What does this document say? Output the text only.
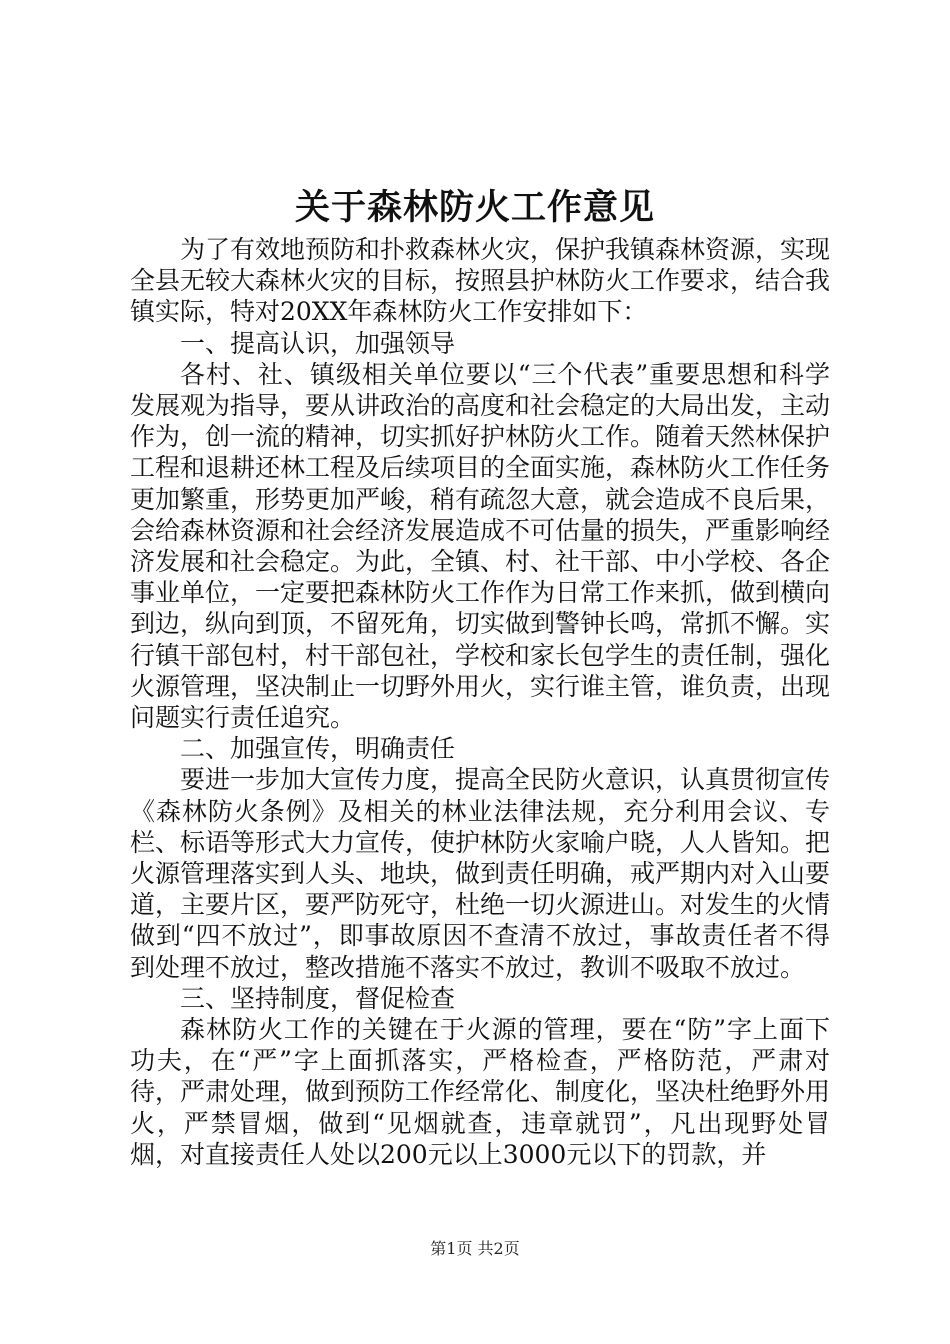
关于森林防火工作意见

为了有效地预防和扑救森林火灾，保护我镇森林资源，实现全县无较大森林火灾的目标，按照县护林防火工作要求，结合我镇实际，特对20XX年森林防火工作安排如下：

一、提高认识，加强领导

各村、社、镇级相关单位要以“三个代表”重要思想和科学发展观为指导，要从讲政治的高度和社会稳定的大局出发，主动作为，创一流的精神，切实抓好护林防火工作。随着天然林保护工程和退耕还林工程及后续项目的全面实施，森林防火工作任务更加繁重，形势更加严峻，稍有疏忽大意，就会造成不良后果，会给森林资源和社会经济发展造成不可估量的损失，严重影响经济发展和社会稳定。为此，全镇、村、社干部、中小学校、各企事业单位，一定要把森林防火工作作为日常工作来抓，做到横向到边，纵向到顶，不留死角，切实做到警钟长鸣，常抓不懈。实行镇干部包村，村干部包社，学校和家长包学生的责任制，强化火源管理，坚决制止一切野外用火，实行谁主管，谁负责，出现问题实行责任追究。

二、加强宣传，明确责任

要进一步加大宣传力度，提高全民防火意识，认真贯彻宣传《森林防火条例》及相关的林业法律法规，充分利用会议、专栏、标语等形式大力宣传，使护林防火家喻户晓，人人皆知。把火源管理落实到人头、地块，做到责任明确，戒严期内对入山要道，主要片区，要严防死守，杜绝一切火源进山。对发生的火情做到“四不放过”，即事故原因不查清不放过，事故责任者不得到处理不放过，整改措施不落实不放过，教训不吸取不放过。

三、坚持制度，督促检查

森林防火工作的关键在于火源的管理，要在“防”字上面下功夫，在“严”字上面抓落实，严格检查，严格防范，严肃对待，严肃处理，做到预防工作经常化、制度化，坚决杜绝野外用火，严禁冒烟，做到“见烟就查，违章就罚”，凡出现野处冒烟，对直接责任人处以200元以上3000元以下的罚款，并

第1页 共2页
